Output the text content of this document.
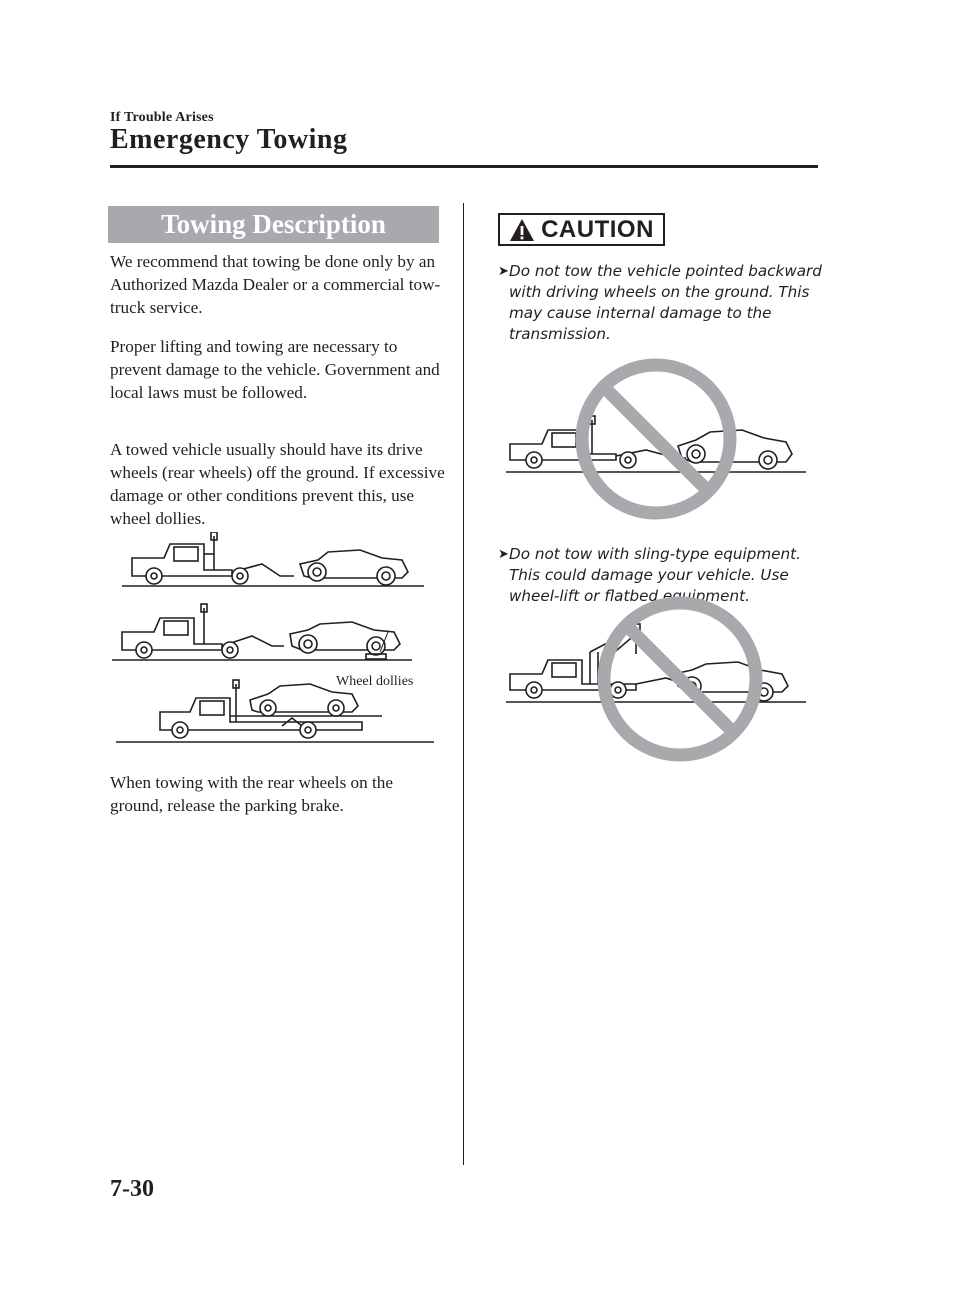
If Trouble Arises
Emergency Towing
Towing Description

We recommend that towing be done only by an Authorized Mazda Dealer or a commercial tow-truck service.

Proper lifting and towing are necessary to prevent damage to the vehicle. Government and local laws must be followed.

A towed vehicle usually should have its drive wheels (rear wheels) off the ground. If excessive damage or other conditions prevent this, use wheel dollies.

Wheel dollies

When towing with the rear wheels on the ground, release the parking brake.

CAUTION
➤ Do not tow the vehicle pointed backward with driving wheels on the ground. This may cause internal damage to the transmission.
➤ Do not tow with sling-type equipment. This could damage your vehicle. Use wheel-lift or flatbed equipment.
7-30
